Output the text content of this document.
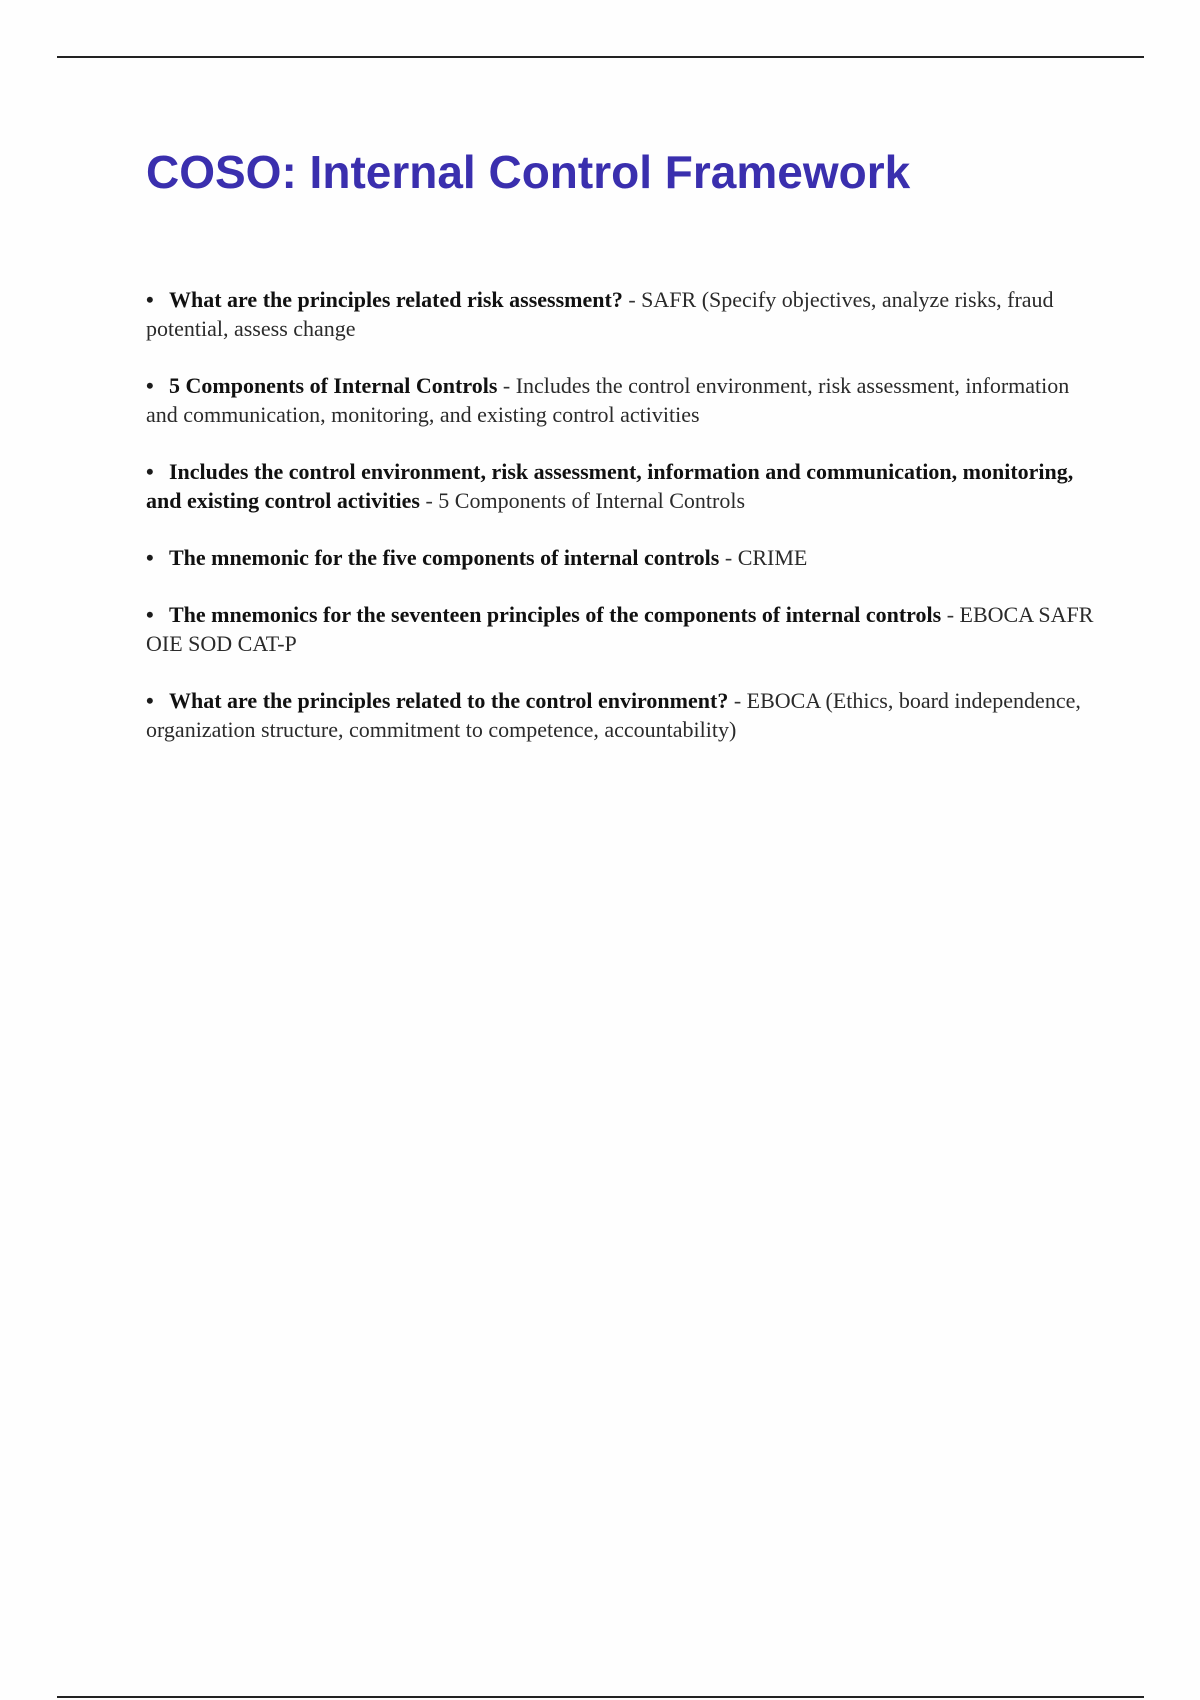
COSO: Internal Control Framework
• What are the principles related risk assessment? - SAFR (Specify objectives, analyze risks, fraud potential, assess change
• 5 Components of Internal Controls - Includes the control environment, risk assessment, information and communication, monitoring, and existing control activities
• Includes the control environment, risk assessment, information and communication, monitoring, and existing control activities - 5 Components of Internal Controls
• The mnemonic for the five components of internal controls - CRIME
• The mnemonics for the seventeen principles of the components of internal controls - EBOCA SAFR OIE SOD CAT-P
• What are the principles related to the control environment? - EBOCA (Ethics, board independence, organization structure, commitment to competence, accountability)
